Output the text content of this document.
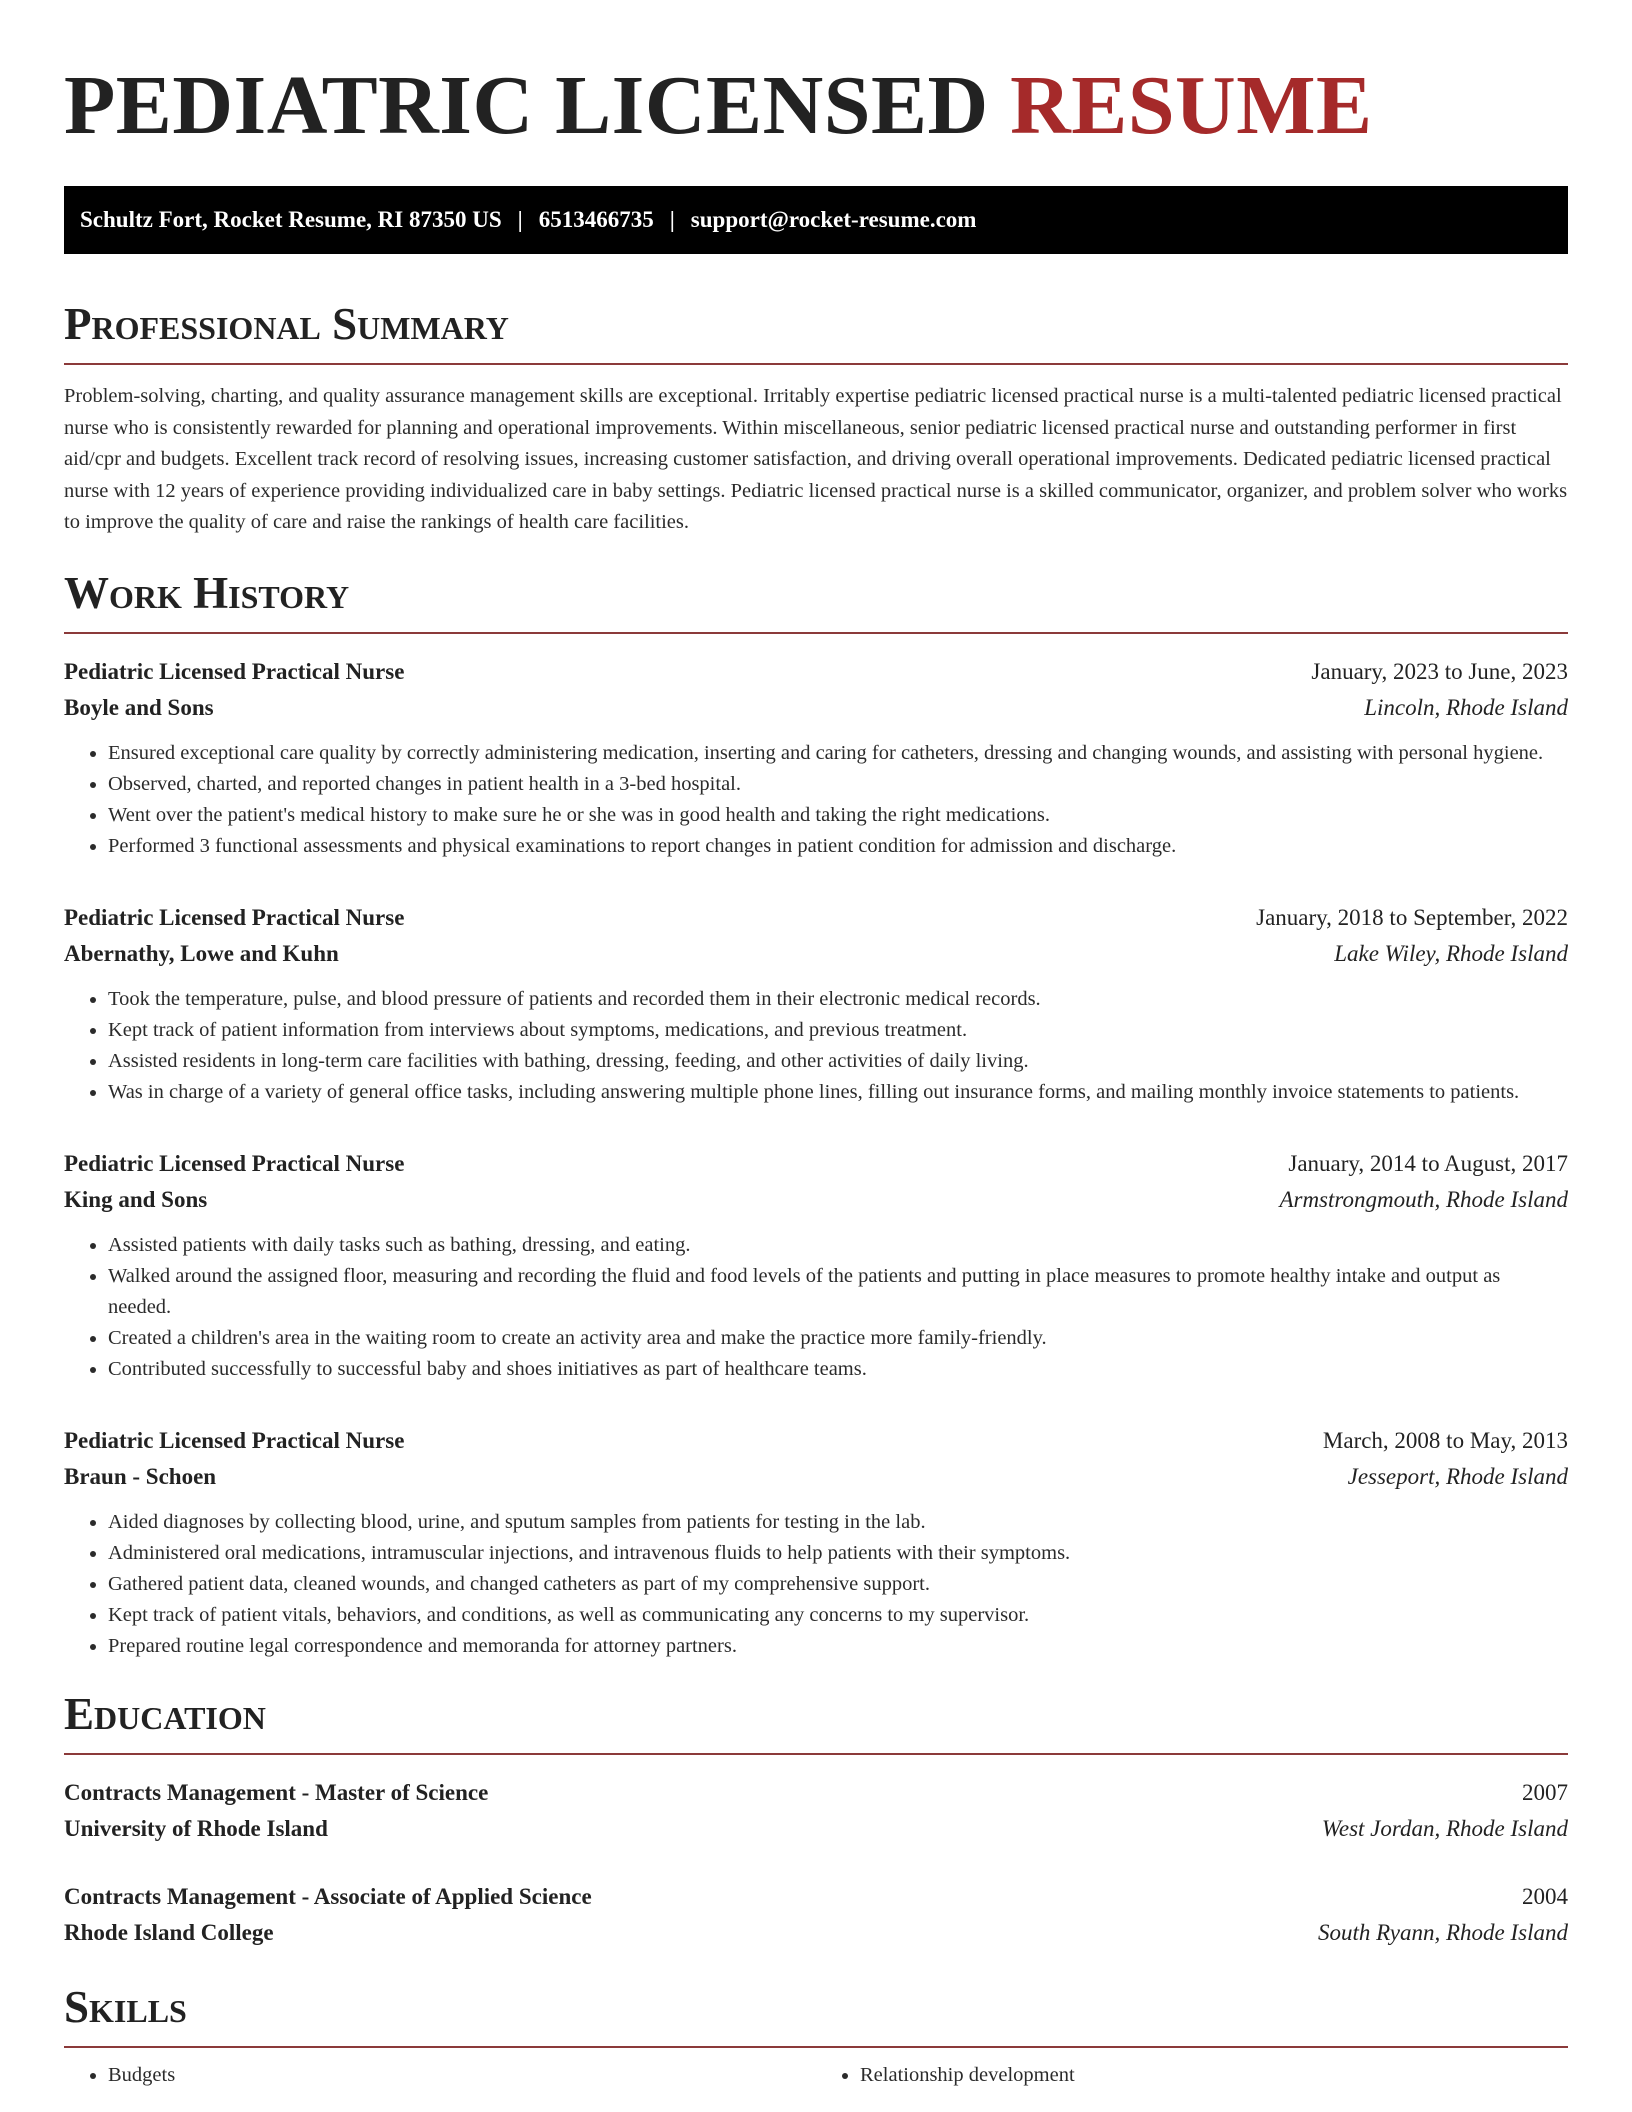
PEDIATRIC LICENSED RESUME
Schultz Fort, Rocket Resume, RI 87350 US | 6513466735 | support@rocket-resume.com
Professional Summary

Problem-solving, charting, and quality assurance management skills are exceptional. Irritably expertise pediatric licensed practical nurse is a multi-talented pediatric licensed practical nurse who is consistently rewarded for planning and operational improvements. Within miscellaneous, senior pediatric licensed practical nurse and outstanding performer in first aid/cpr and budgets. Excellent track record of resolving issues, increasing customer satisfaction, and driving overall operational improvements. Dedicated pediatric licensed practical nurse with 12 years of experience providing individualized care in baby settings. Pediatric licensed practical nurse is a skilled communicator, organizer, and problem solver who works to improve the quality of care and raise the rankings of health care facilities.

Work History
Pediatric Licensed Practical Nurse	January, 2023 to June, 2023
Boyle and Sons	Lincoln, Rhode Island
• Ensured exceptional care quality by correctly administering medication, inserting and caring for catheters, dressing and changing wounds, and assisting with personal hygiene.
• Observed, charted, and reported changes in patient health in a 3-bed hospital.
• Went over the patient's medical history to make sure he or she was in good health and taking the right medications.
• Performed 3 functional assessments and physical examinations to report changes in patient condition for admission and discharge.
Pediatric Licensed Practical Nurse	January, 2018 to September, 2022
Abernathy, Lowe and Kuhn	Lake Wiley, Rhode Island
• Took the temperature, pulse, and blood pressure of patients and recorded them in their electronic medical records.
• Kept track of patient information from interviews about symptoms, medications, and previous treatment.
• Assisted residents in long-term care facilities with bathing, dressing, feeding, and other activities of daily living.
• Was in charge of a variety of general office tasks, including answering multiple phone lines, filling out insurance forms, and mailing monthly invoice statements to patients.
Pediatric Licensed Practical Nurse	January, 2014 to August, 2017
King and Sons	Armstrongmouth, Rhode Island
• Assisted patients with daily tasks such as bathing, dressing, and eating.
• Walked around the assigned floor, measuring and recording the fluid and food levels of the patients and putting in place measures to promote healthy intake and output as needed.
• Created a children's area in the waiting room to create an activity area and make the practice more family-friendly.
• Contributed successfully to successful baby and shoes initiatives as part of healthcare teams.
Pediatric Licensed Practical Nurse	March, 2008 to May, 2013
Braun - Schoen	Jesseport, Rhode Island
• Aided diagnoses by collecting blood, urine, and sputum samples from patients for testing in the lab.
• Administered oral medications, intramuscular injections, and intravenous fluids to help patients with their symptoms.
• Gathered patient data, cleaned wounds, and changed catheters as part of my comprehensive support.
• Kept track of patient vitals, behaviors, and conditions, as well as communicating any concerns to my supervisor.
• Prepared routine legal correspondence and memoranda for attorney partners.
Education
Contracts Management - Master of Science	2007
University of Rhode Island	West Jordan, Rhode Island
Contracts Management - Associate of Applied Science	2004
Rhode Island College	South Ryann, Rhode Island
Skills
• Budgets
•	Relationship development
